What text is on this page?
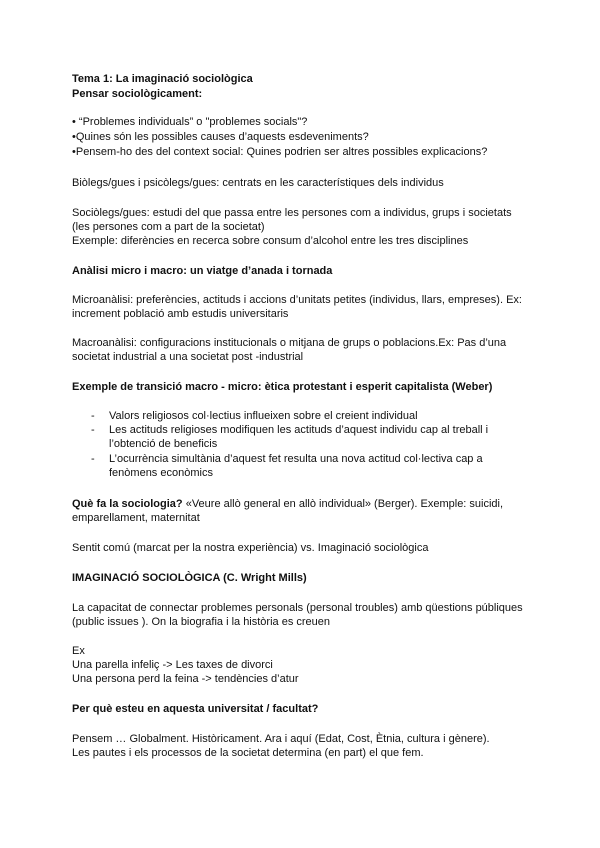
Tema 1: La imaginació sociològica
Pensar sociològicament:
• “Problemes individuals” o "problemes socials"?
•Quines són les possibles causes d’aquests esdeveniments?
•Pensem-ho des del context social: Quines podrien ser altres possibles explicacions?
Biòlegs/gues i psicòlegs/gues: centrats en les característiques dels individus
Sociòlegs/gues: estudi del que passa entre les persones com a individus, grups i societats
(les persones com a part de la societat)
Exemple: diferències en recerca sobre consum d’alcohol entre les tres disciplines
Anàlisi micro i macro: un viatge d’anada i tornada
Microanàlisi: preferències, actituds i accions d’unitats petites (individus, llars, empreses). Ex:
increment població amb estudis universitaris
Macroanàlisi: configuracions institucionals o mitjana de grups o poblacions.Ex: Pas d’una
societat industrial a una societat post -industrial
Exemple de transició macro - micro: ètica protestant i esperit capitalista (Weber)
- Valors religiosos col·lectius influeixen sobre el creient individual
- Les actituds religioses modifiquen les actituds d’aquest individu cap al treball i
l’obtenció de beneficis
- L’ocurrència simultània d’aquest fet resulta una nova actitud col·lectiva cap a
fenòmens econòmics
Què fa la sociologia? «Veure allò general en allò individual» (Berger). Exemple: suicidi,
emparellament, maternitat
Sentit comú (marcat per la nostra experiència) vs. Imaginació sociològica
IMAGINACIÓ SOCIOLÒGICA (C. Wright Mills)
La capacitat de connectar problemes personals (personal troubles) amb qüestions públiques
(public issues ). On la biografia i la història es creuen
Ex
Una parella infeliç -> Les taxes de divorci
Una persona perd la feina -> tendències d’atur
Per què esteu en aquesta universitat / facultat?
Pensem … Globalment. Històricament. Ara i aquí (Edat, Cost, Ètnia, cultura i gènere).
Les pautes i els processos de la societat determina (en part) el que fem.
